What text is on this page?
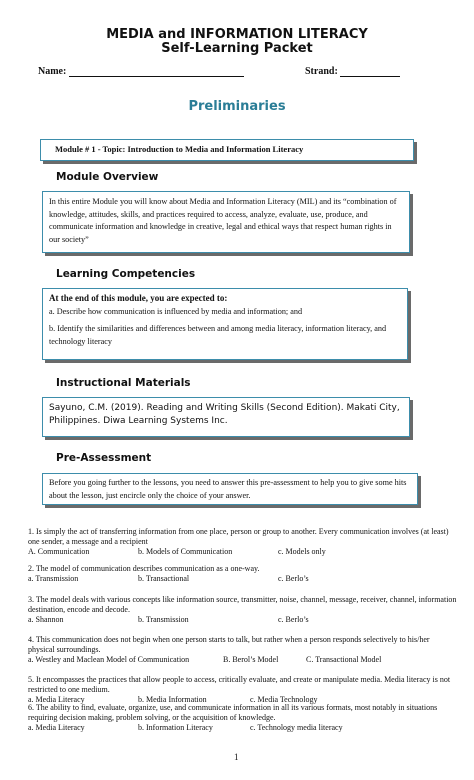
MEDIA and INFORMATION LITERACY
Self-Learning Packet
Name:	Strand:
Preliminaries
Module # 1 - Topic: Introduction to Media and Information Literacy
Module Overview
In this entire Module you will know about Media and Information Literacy (MIL) and its “combination of knowledge, attitudes, skills, and practices required to access, analyze, evaluate, use, produce, and communicate information and knowledge in creative, legal and ethical ways that respect human rights in our society”
Learning Competencies
At the end of this module, you are expected to:
a. Describe how communication is influenced by media and information; and
b. Identify the similarities and differences between and among media literacy, information literacy, and technology literacy
Instructional Materials
Sayuno, C.M. (2019). Reading and Writing Skills (Second Edition). Makati City, Philippines. Diwa Learning Systems Inc.
Pre-Assessment
Before you going further to the lessons, you need to answer this pre-assessment to help you to give some hits about the lesson, just encircle only the choice of your answer.
1. Is simply the act of transferring information from one place, person or group to another. Every communication involves (at least) one sender, a message and a recipient
A. Communication	b. Models of Communication	c. Models only
2. The model of communication describes communication as a one-way.
a. Transmission	b. Transactional	c. Berlo’s
3. The model deals with various concepts like information source, transmitter, noise, channel, message, receiver, channel, information destination, encode and decode.
a. Shannon	b. Transmission	c. Berlo’s
4. This communication does not begin when one person starts to talk, but rather when a person responds selectively to his/her physical surroundings.
a. Westley and Maclean Model of Communication	B. Berol’s Model	C. Transactional Model
5. It encompasses the practices that allow people to access, critically evaluate, and create or manipulate media. Media literacy is not restricted to one medium.
a. Media Literacy	b. Media Information	c. Media Technology
6. The ability to find, evaluate, organize, use, and communicate information in all its various formats, most notably in situations requiring decision making, problem solving, or the acquisition of knowledge.
a. Media Literacy	b. Information Literacy	c. Technology media literacy
1
